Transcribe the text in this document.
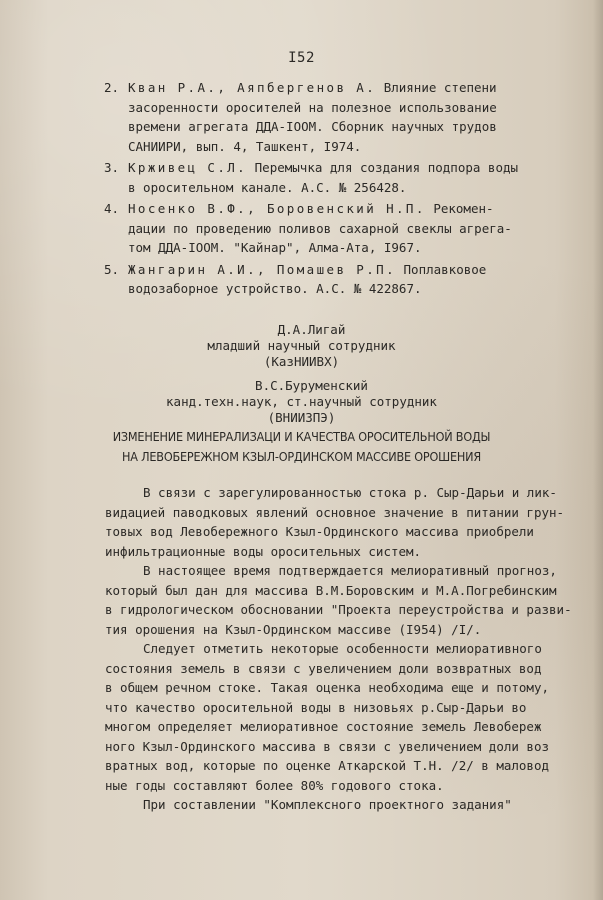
I52
2. Кван Р.А., Аяпбергенов А. Влияние степени
засоренности оросителей на полезное использование
времени агрегата ДДА-IООМ. Сборник научных трудов
САНИИРИ, вып. 4, Ташкент, I974.
3. Крживец С.Л. Перемычка для создания подпора воды
в оросительном канале. А.С. № 256428.
4. Носенко В.Ф., Боровенский Н.П. Рекомен-
дации по проведению поливов сахарной свеклы агрега-
том ДДА-IООМ. "Кайнар", Алма-Ата, I967.
5. Жангарин А.И., Помашев Р.П. Поплавковое
водозаборное устройство. А.С. № 422867.
Д.А.Лигай
младший научный сотрудник
(КазНИИВХ)
В.С.Буруменский
канд.техн.наук, ст.научный сотрудник
(ВНИИЗПЭ)
ИЗМЕНЕНИЕ МИНЕРАЛИЗАЦИ И КАЧЕСТВА ОРОСИТЕЛЬНОЙ ВОДЫ
НА ЛЕВОБЕРЕЖНОМ КЗЫЛ-ОРДИНСКОМ МАССИВЕ ОРОШЕНИЯ
В связи с зарегулированностью стока р. Сыр-Дарьи и лик-
видацией паводковых явлений основное значение в питании грун-
товых вод Левобережного Кзыл-Ординского массива приобрели
инфильтрационные воды оросительных систем.
В настоящее время подтверждается мелиоративный прогноз,
который был дан для массива В.М.Боровским и М.А.Погребинским
в гидрологическом обосновании "Проекта переустройства и разви-
тия орошения на Кзыл-Ординском массиве (I954) /I/.
Следует отметить некоторые особенности мелиоративного
состояния земель в связи с увеличением доли возвратных вод
в общем речном стоке. Такая оценка необходима еще и потому,
что качество оросительной воды в низовьях р.Сыр-Дарьи во
многом определяет мелиоративное состояние земель Левобереж
ного Кзыл-Ординского массива в связи с увеличением доли воз
вратных вод, которые по оценке Аткарской Т.Н. /2/ в маловод
ные годы составляют более 80% годового стока.
При составлении "Комплексного проектного задания"
